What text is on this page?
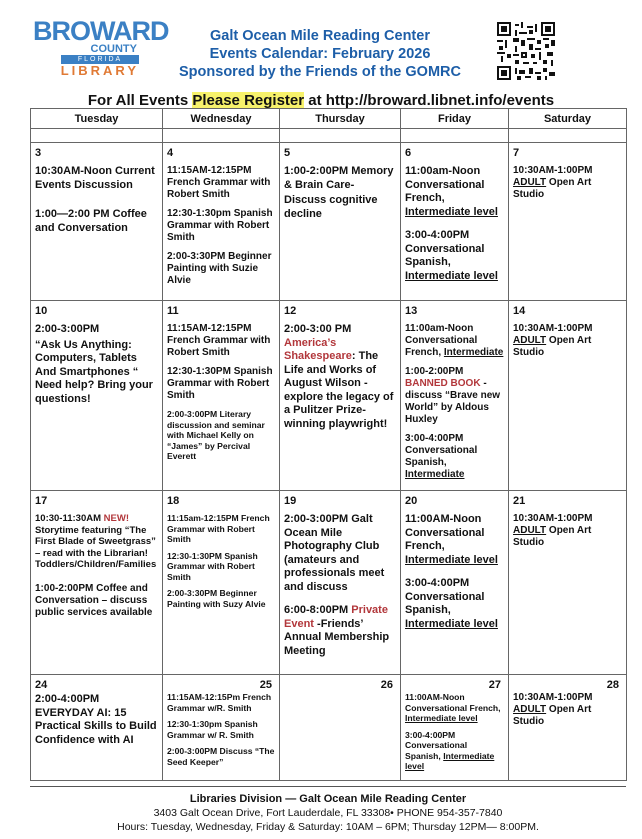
BROWARD
COUNTY
FLORIDA
LIBRARY
Galt Ocean Mile Reading Center
Events Calendar: February 2026
Sponsored by the Friends of the GOMRC
For All Events Please Register at http://broward.libnet.info/events
Tuesday	Wednesday	Thursday	Friday	Saturday

3
10:30AM-Noon Current Events Discussion
1:00—2:00 PM Coffee and Conversation	4
11:15AM-12:15PM French Grammar with Robert Smith
12:30-1:30pm Spanish Grammar with Robert Smith
2:00-3:30PM Beginner Painting with Suzie Alvie	5
1:00-2:00PM Memory & Brain Care-
Discuss cognitive decline	6
11:00am-Noon Conversational French, Intermediate level
3:00-4:00PM Conversational Spanish, Intermediate level	7
10:30AM-1:00PM ADULT Open Art Studio

10
2:00-3:00PM
“Ask Us Anything: Computers, Tablets And Smartphones “ Need help? Bring your questions!	11
11:15AM-12:15PM French Grammar with Robert Smith
12:30-1:30PM Spanish Grammar with Robert Smith
2:00-3:00PM Literary discussion and seminar with Michael Kelly on “James” by Percival Everett	12
2:00-3:00 PM
America’s Shakespeare: The Life and Works of August Wilson - explore the legacy of a Pulitzer Prize-winning playwright!	13
11:00am-Noon Conversational French, Intermediate
1:00-2:00PM BANNED BOOK - discuss “Brave new World” by Aldous Huxley
3:00-4:00PM Conversational Spanish, Intermediate	14
10:30AM-1:00PM ADULT Open Art Studio

17
10:30-11:30AM NEW! Storytime featuring “The First Blade of Sweetgrass” – read with the Librarian! Toddlers/Children/Families
1:00-2:00PM Coffee and Conversation – discuss public services available	18
11:15am-12:15PM French Grammar with Robert Smith
12:30-1:30PM Spanish Grammar with Robert Smith
2:00-3:30PM Beginner Painting with Suzy Alvie	19
2:00-3:00PM Galt Ocean Mile Photography Club (amateurs and professionals meet and discuss
6:00-8:00PM Private Event -Friends’ Annual Membership Meeting	20
11:00AM-Noon Conversational French, Intermediate level
3:00-4:00PM Conversational Spanish, Intermediate level	21
10:30AM-1:00PM ADULT Open Art Studio

24
2:00-4:00PM EVERYDAY AI: 15 Practical Skills to Build Confidence with AI	25
11:15AM-12:15Pm French Grammar w/R. Smith
12:30-1:30pm Spanish Grammar w/ R. Smith
2:00-3:00PM Discuss “The Seed Keeper”	26	27
11:00AM-Noon Conversational French, Intermediate level
3:00-4:00PM Conversational Spanish, Intermediate level	28
10:30AM-1:00PM ADULT Open Art Studio
Libraries Division — Galt Ocean Mile Reading Center
3403 Galt Ocean Drive, Fort Lauderdale, FL 33308• PHONE 954-357-7840
Hours: Tuesday, Wednesday, Friday & Saturday: 10AM – 6PM; Thursday 12PM— 8:00PM.
